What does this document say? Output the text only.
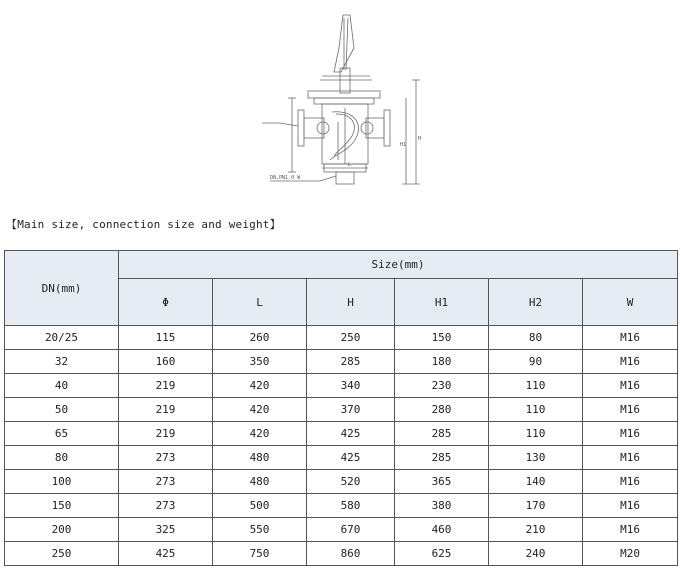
L
H
H1
DN,PN1.0 W
【Main size, connection size and weight】
DN(mm)	Size(mm)					
	Φ	L	H	H1	H2	W
20/25	115	260	250	150	80	M16
32	160	350	285	180	90	M16
40	219	420	340	230	110	M16
50	219	420	370	280	110	M16
65	219	420	425	285	110	M16
80	273	480	425	285	130	M16
100	273	480	520	365	140	M16
150	273	500	580	380	170	M16
200	325	550	670	460	210	M16
250	425	750	860	625	240	M20
